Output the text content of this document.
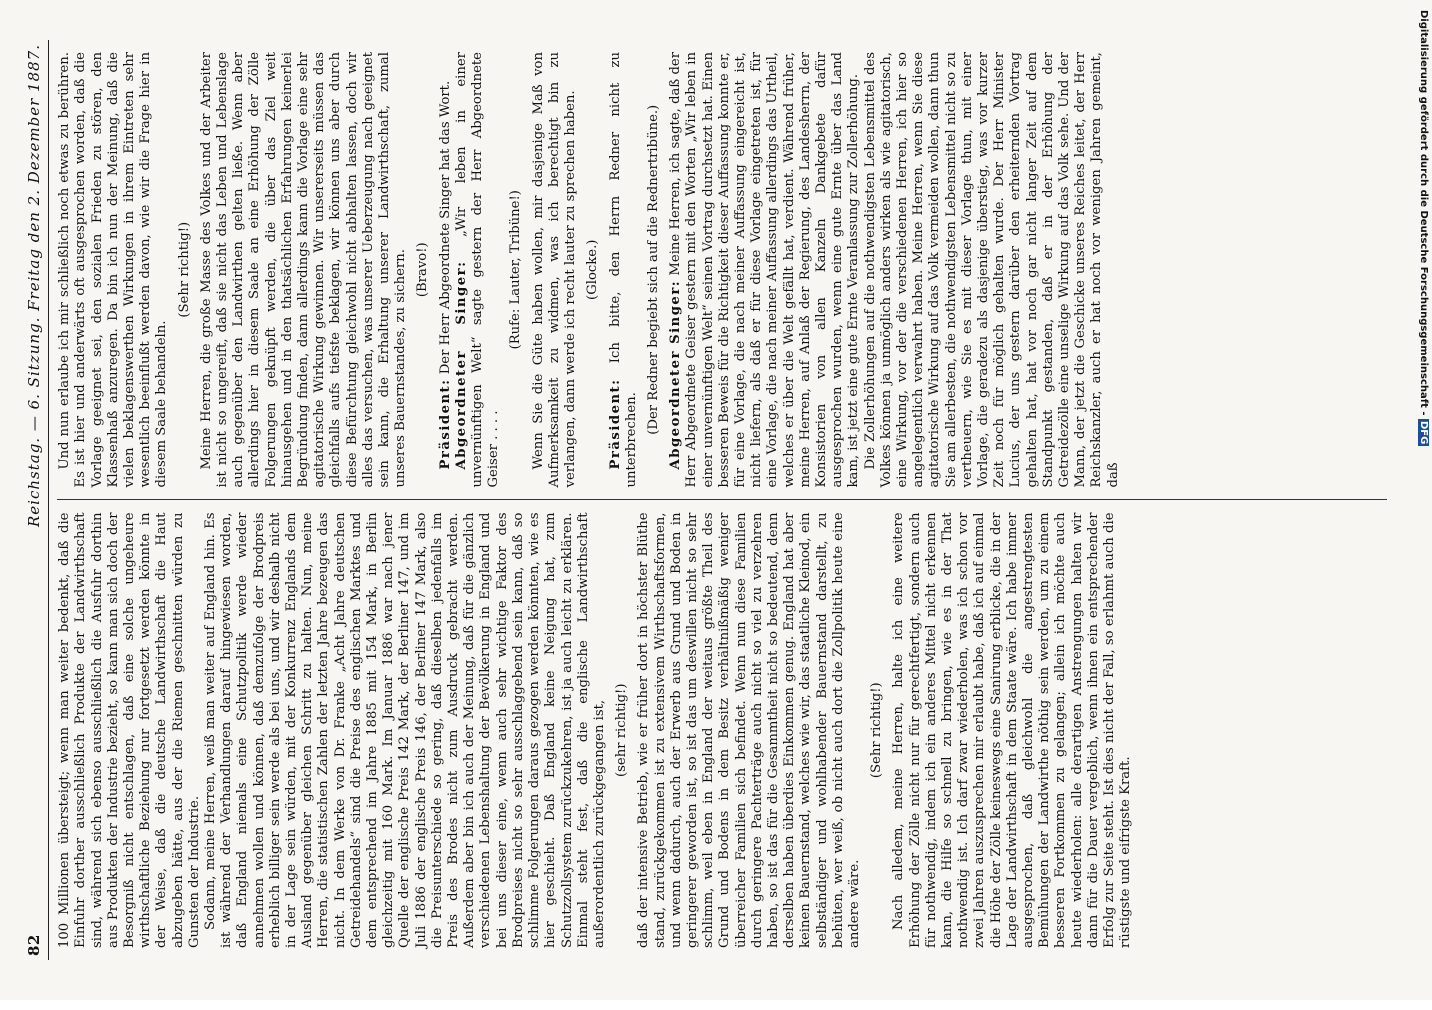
82
Reichstag. — 6. Sitzung. Freitag den 2. Dezember 1887.

100 Millionen übersteigt; wenn man weiter bedenkt, daß die Einfuhr dorther ausschließlich Produkte der Landwirthschaft sind, während sich ebenso ausschließlich die Ausfuhr dorthin aus Produkten der Industrie bezieht, so kann man sich doch der Besorgniß nicht entschlagen, daß eine solche ungeheure wirthschaftliche Beziehung nur fortgesetzt werden könnte in der Weise, daß die deutsche Landwirthschaft die Haut abzugeben hätte, aus der die Riemen geschnitten würden zu Gunsten der Industrie. Sodann, meine Herren, weiß man weiter auf England hin. Es ist während der Verhandlungen darauf hingewiesen worden, daß England niemals eine Schutzpolitik werde wieder annehmen wollen und können, daß demzufolge der Brodpreis erheblich billiger sein werde als bei uns, und wir deshalb nicht in der Lage sein würden, mit der Konkurrenz Englands dem Ausland gegenüber gleichen Schritt zu halten. Nun, meine Herren, die statistischen Zahlen der letzten Jahre bezeugen das nicht. In dem Werke von Dr. Franke „Acht Jahre deutschen Getreidehandels“ sind die Preise des englischen Marktes und dem entsprechend im Jahre 1885 mit 154 Mark, in Berlin gleichzeitig mit 160 Mark. Im Januar 1886 war nach jener Quelle der englische Preis 142 Mark, der Berliner 147, und im Juli 1886 der englische Preis 146, der Berliner 147 Mark, also die Preisunterschiede so gering, daß dieselben jedenfalls im Preis des Brodes nicht zum Ausdruck gebracht werden. Außerdem aber bin ich auch der Meinung, daß für die gänzlich verschiedenen Lebenshaltung der Bevölkerung in England und bei uns dieser eine, wenn auch sehr wichtige Faktor des Brodpreises nicht so sehr ausschlaggebend sein kann, daß so schlimme Folgerungen daraus gezogen werden könnten, wie es hier geschieht. Daß England keine Neigung hat, zum Schutzzollsystem zurückzukehren, ist ja auch leicht zu erklären. Einmal steht fest, daß die englische Landwirthschaft außerordentlich zurückgegangen ist, (sehr richtig!) daß der intensive Betrieb, wie er früher dort in höchster Blüthe stand, zurückgekommen ist zu extensivem Wirthschaftsformen, und wenn dadurch, auch der Erwerb aus Grund und Boden in geringerer geworden ist, so ist das um deswillen nicht so sehr schlimm, weil eben in England der weitaus größte Theil des Grund und Bodens in dem Besitz verhältnißmäßig weniger überreicher Familien sich befindet. Wenn nun diese Familien durch geringere Pachterträge auch nicht so viel zu verzehren haben, so ist das für die Gesammtheit nicht so bedeutend, denn derselben haben überdies Einkommen genug. England hat aber keinen Bauernstand, welches wie wir, das staatliche Kleinod, ein selbständiger und wohlhabender Bauernstand darstellt, zu behüten, wer weiß, ob nicht auch dort die Zollpolitik heute eine andere wäre.

(Sehr richtig!) Nach alledem, meine Herren, halte ich eine weitere Erhöhung der Zölle nicht nur für gerechtfertigt, sondern auch für nothwendig, indem ich ein anderes Mittel nicht erkennen kann, die Hilfe so schnell zu bringen, wie es in der That nothwendig ist. Ich darf zwar wiederholen, was ich schon vor zwei Jahren auszusprechen mir erlaubt habe, daß ich auf einmal die Höhe der Zölle keineswegs eine Sanirung erblicke, die in der Lage der Landwirthschaft in dem Staate wäre. Ich habe immer ausgesprochen, daß gleichwohl die angestrengtesten Bemühungen der Landwirthe nöthig sein werden, um zu einem besseren Fortkommen zu gelangen; allein ich möchte auch heute wiederholen: alle derartigen Anstrengungen halten wir dann für die Dauer vergeblich, wenn ihnen ein entsprechender Erfolg zur Seite steht. Ist dies nicht der Fall, so erlahmt auch die rüstigste und eifrigste Kraft.

Und nun erlaube ich mir schließlich noch etwas zu berühren. Es ist hier und anderwärts oft ausgesprochen worden, daß die Vorlage geeignet sei, den sozialen Frieden zu stören, den Klassenhaß anzuregen. Da bin ich nun der Meinung, daß die vielen beklagenswerthen Wirkungen in ihrem Eintreten sehr wesentlich beeinflußt werden davon, wie wir die Frage hier in diesem Saale behandeln.

(Sehr richtig!) Meine Herren, die große Masse des Volkes und der Arbeiter ist nicht so ungereift, daß sie nicht das Leben und Lebenslage auch gegenüber den Landwirthen gelten ließe. Wenn aber allerdings hier in diesem Saale an eine Erhöhung der Zölle Folgerungen geknüpft werden, die über das Ziel weit hinausgehen und in den thatsächlichen Erfahrungen keinerlei Begründung finden, dann allerdings kann die Vorlage eine sehr agitatorische Wirkung gewinnen. Wir unsererseits müssen das gleichfalls aufs tiefste beklagen, wir können uns aber durch diese Befürchtung gleichwohl nicht abhalten lassen, doch wir alles das versuchen, was unserer Ueberzeugung nach geeignet sein kann, die Erhaltung unserer Landwirthschaft, zumal unseres Bauernstandes, zu sichern. (Bravo!)

Präsident: Der Herr Abgeordnete Singer hat das Wort. Abgeordneter Singer: „Wir leben in einer unvernünftigen Welt“ sagte gestern der Herr Abgeordnete Geiser . . . .

(Rufe: Lauter, Tribüne!) Wenn Sie die Güte haben wollen, mir dasjenige Maß von Aufmerksamkeit zu widmen, was ich berechtigt bin zu verlangen, dann werde ich recht lauter zu sprechen haben. (Glocke.)

Präsident: Ich bitte, den Herrn Redner nicht zu unterbrechen.

(Der Redner begiebt sich auf die Rednertribüne.) Abgeordneter Singer: Meine Herren, ich sagte, daß der Herr Abgeordnete Geiser gestern mit den Worten „Wir leben in einer unvernünftigen Welt“ seinen Vortrag durchsetzt hat. Einen besseren Beweis für die Richtigkeit dieser Auffassung konnte er, für eine Vorlage, die nach meiner Auffassung eingereicht ist, nicht liefern, als daß er für diese Vorlage eingetreten ist, für eine Vorlage, die nach meiner Auffassung allerdings das Urtheil, welches er über die Welt gefällt hat, verdient. Während früher, meine Herren, auf Anlaß der Regierung, des Landesherrn, der Konsistorien von allen Kanzeln Dankgebete dafür ausgesprochen wurden, wenn eine gute Ernte über das Land kam, ist jetzt eine gute Ernte Veranlassung zur Zollerhöhung. Die Zollerhöhungen auf die nothwendigsten Lebensmittel des Volkes können ja unmöglich anders wirken als wie agitatorisch, eine Wirkung, vor der die verschiedenen Herren, ich hier so angelegentlich verwahrt haben. Meine Herren, wenn Sie diese agitatorische Wirkung auf das Volk vermeiden wollen, dann thun Sie am allerbesten, die nothwendigsten Lebensmittel nicht so zu vertheuern, wie Sie es mit dieser Vorlage thun, mit einer Vorlage, die geradezu als dasjenige überstieg, was vor kurzer Zeit noch für möglich gehalten wurde. Der Herr Minister Lucius, der uns gestern darüber den erheiternden Vortrag gehalten hat, hat vor noch gar nicht langer Zeit auf dem Standpunkt gestanden, daß er in der Erhöhung der Getreidezölle eine unselige Wirkung auf das Volk sehe. Und der Mann, der jetzt die Geschicke unseres Reiches leitet, der Herr Reichskanzler, auch er hat noch vor wenigen Jahren gemeint, daß

Digitalisierung gefördert durch die Deutsche Forschungsgemeinschaft - DFG
